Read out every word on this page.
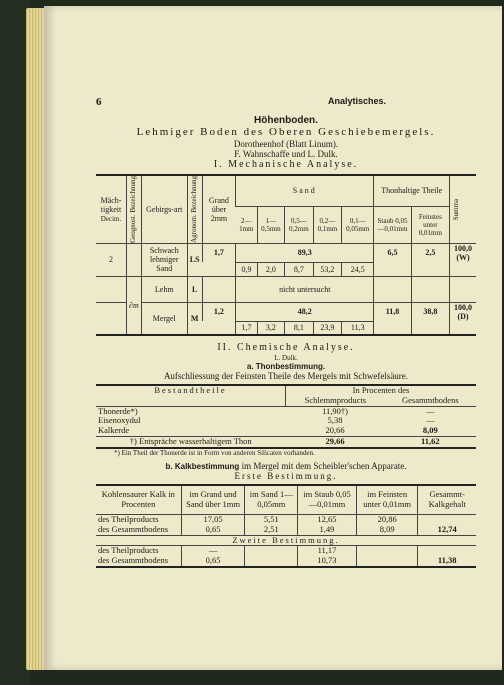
6	Analytisches.
Höhenboden.
Lehmiger Boden des Oberen Geschiebemergels.
Dorotheenhof (Blatt Linum).
F. Wahnschaffe und L. Dulk.
I. Mechanische Analyse.
Mäch-tigkeit
Decim.	Geognost. Bezeichnung	Gebirgs-art	Agronom. Bezeichnung	Grand über 2mm	Sand					Thonhaltige Theile		Summa

					2—1mm	1—0,5mm	0,5—0,2mm	0,2—0,1mm	0,1—0,05mm	Staub 0,05—0,01mm	Feinstes unter 0,01mm	
2		Schwach lehmiger Sand	LS	1,7	89,3					6,5	2,5	100,0 (W)
					0,9	2,0	8,7	53,2	24,5			
	∂m	Lehm	L		nicht untersucht							
		Mergel	M	1,2	48,2					11,8	38,8	100,0 (D)
					1,7	3,2	8,1	23,9	11,3			
II. Chemische Analyse.
L. Dulk.
a. Thonbestimmung.
Aufschliessung der Feinsten Theile des Mergels mit Schwefelsäure.
Bestandtheile	In Procenten des	
	Schlemmproducts	Gesammtbodens
Thonerde*)	11,90†)	—
Eisenoxydul	5,38	—
Kalkerde	20,66	8,09
†) Entspräche wasserhaltigem Thon	29,66	11,62
*) Ein Theil der Thonerde ist in Form von anderen Silicaten vorhanden.
b. Kalkbestimmung im Mergel mit dem Scheibler'schen Apparate.
Erste Bestimmung.
Kohlensaurer Kalk in Procenten	im Grand und Sand über 1mm	im Sand 1—0,05mm	im Staub 0,05—0,01mm	im Feinsten unter 0,01mm	Gesammt-Kalkgehalt
des Theilproducts	17,05	5,51	12,65	20,86	
des Gesammtbodens	0,65	2,51	1,49	8,09	12,74
Zweite Bestimmung.					
des Theilproducts	—		11,17		
des Gesammtbodens	0,65		10,73		11,38
